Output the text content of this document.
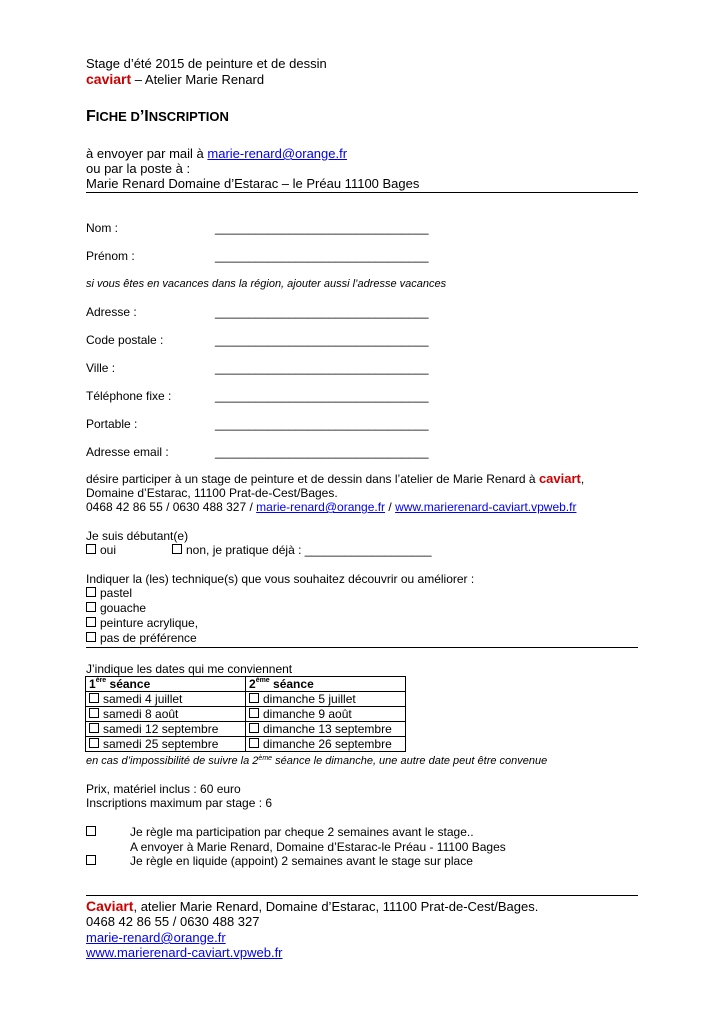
Stage d’été 2015 de peinture et de dessin
caviart – Atelier Marie Renard
FICHE D’INSCRIPTION
à envoyer par mail à marie-renard@orange.fr
ou par la poste à :
Marie Renard Domaine d’Estarac – le Préau 11100 Bages
Nom :	________________________________
Prénom :	________________________________
si vous êtes en vacances dans la région, ajouter aussi l’adresse vacances
Adresse :	________________________________
Code postale :	________________________________
Ville :	________________________________
Téléphone fixe :	________________________________
Portable :	________________________________
Adresse email :	________________________________
désire participer à un stage de peinture et de dessin dans l’atelier de Marie Renard à caviart,
Domaine d’Estarac, 11100 Prat-de-Cest/Bages.
0468 42 86 55 / 0630 488 327 / marie-renard@orange.fr / www.marierenard-caviart.vpweb.fr
Je suis débutant(e)
oui	non, je pratique déjà : ___________________
Indiquer la (les) technique(s) que vous souhaitez découvrir ou améliorer :
pastel
gouache
peinture acrylique,
pas de préférence
J’indique les dates qui me conviennent
1ère séance	2ème séance
samedi 4 juillet	dimanche 5 juillet
samedi 8 août	dimanche 9 août
samedi 12 septembre	dimanche 13 septembre
samedi 25 septembre	dimanche 26 septembre
en cas d’impossibilité de suivre la 2ème séance le dimanche, une autre date peut être convenue
Prix, matériel inclus : 60 euro
Inscriptions maximum par stage : 6
Je règle ma participation par cheque 2 semaines avant le stage..
A envoyer à Marie Renard, Domaine d’Estarac-le Préau - 11100 Bages
Je règle en liquide (appoint) 2 semaines avant le stage sur place
Caviart, atelier Marie Renard, Domaine d’Estarac, 11100 Prat-de-Cest/Bages.
0468 42 86 55 / 0630 488 327
marie-renard@orange.fr
www.marierenard-caviart.vpweb.fr
